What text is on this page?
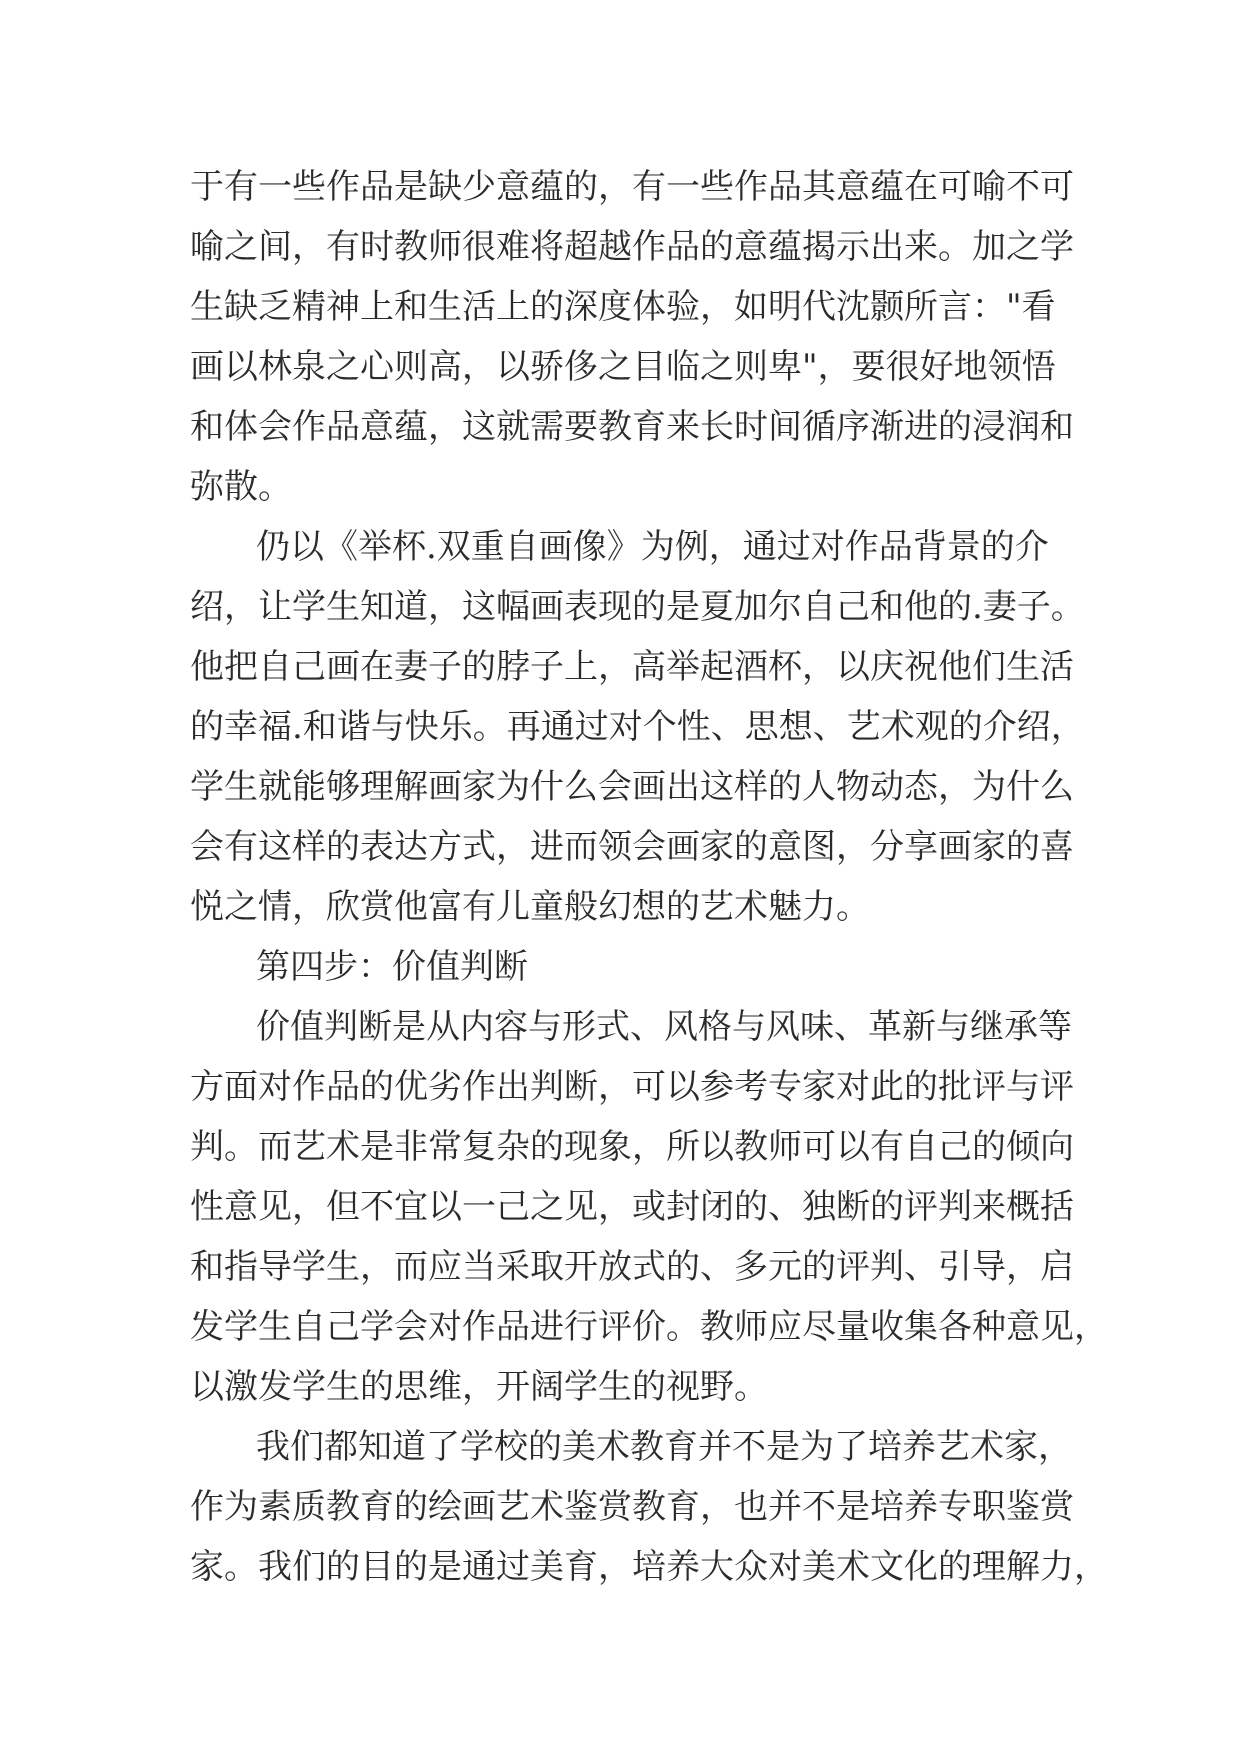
于有一些作品是缺少意蕴的，有一些作品其意蕴在可喻不可
喻之间，有时教师很难将超越作品的意蕴揭示出来。加之学
生缺乏精神上和生活上的深度体验，如明代沈颢所言："看
画以林泉之心则高，以骄侈之目临之则卑"，要很好地领悟
和体会作品意蕴，这就需要教育来长时间循序渐进的浸润和
弥散。
仍以《举杯.双重自画像》为例，通过对作品背景的介
绍，让学生知道，这幅画表现的是夏加尔自己和他的.妻子。
他把自己画在妻子的脖子上，高举起酒杯，以庆祝他们生活
的幸福.和谐与快乐。再通过对个性、思想、艺术观的介绍，
学生就能够理解画家为什么会画出这样的人物动态，为什么
会有这样的表达方式，进而领会画家的意图，分享画家的喜
悦之情，欣赏他富有儿童般幻想的艺术魅力。
第四步：价值判断
价值判断是从内容与形式、风格与风味、革新与继承等
方面对作品的优劣作出判断，可以参考专家对此的批评与评
判。而艺术是非常复杂的现象，所以教师可以有自己的倾向
性意见，但不宜以一己之见，或封闭的、独断的评判来概括
和指导学生，而应当采取开放式的、多元的评判、引导，启
发学生自己学会对作品进行评价。教师应尽量收集各种意见，
以激发学生的思维，开阔学生的视野。
我们都知道了学校的美术教育并不是为了培养艺术家，
作为素质教育的绘画艺术鉴赏教育，也并不是培养专职鉴赏
家。我们的目的是通过美育，培养大众对美术文化的理解力，
